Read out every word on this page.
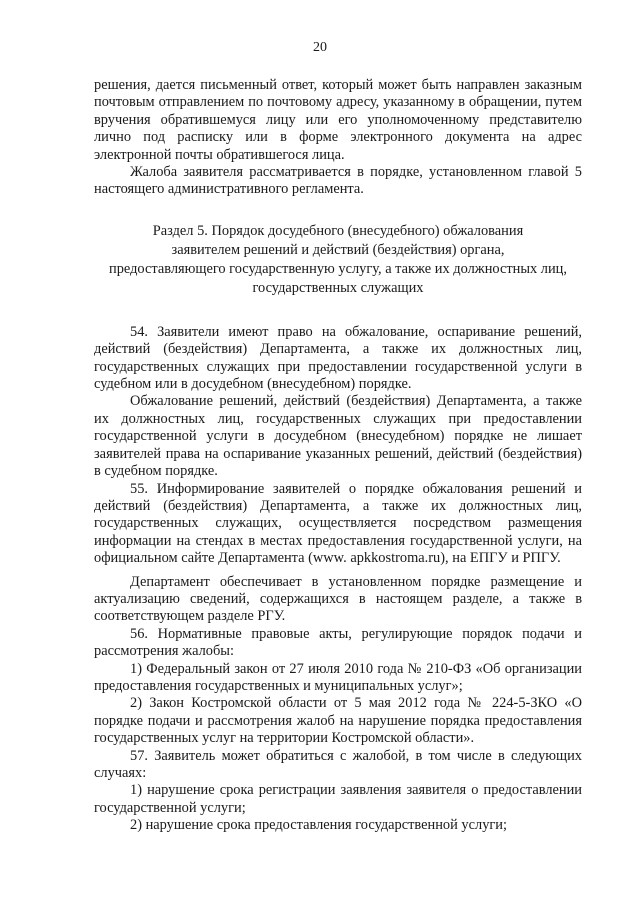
20

решения, дается письменный ответ, который может быть направлен заказным почтовым отправлением по почтовому адресу, указанному в обращении, путем вручения обратившемуся лицу или его уполномоченному представителю лично под расписку или в форме электронного документа на адрес электронной почты обратившегося лица.

Жалоба заявителя рассматривается в порядке, установленном главой 5 настоящего административного регламента.

Раздел 5. Порядок досудебного (внесудебного) обжалования
заявителем решений и действий (бездействия) органа,
предоставляющего государственную услугу, а также их должностных лиц,
государственных служащих

54. Заявители имеют право на обжалование, оспаривание решений, действий (бездействия) Департамента, а также их должностных лиц, государственных служащих при предоставлении государственной услуги в судебном или в досудебном (внесудебном) порядке.

Обжалование решений, действий (бездействия) Департамента, а также их должностных лиц, государственных служащих при предоставлении государственной услуги в досудебном (внесудебном) порядке не лишает заявителей права на оспаривание указанных решений, действий (бездействия) в судебном порядке.

55. Информирование заявителей о порядке обжалования решений и действий (бездействия) Департамента, а также их должностных лиц, государственных служащих, осуществляется посредством размещения информации на стендах в местах предоставления государственной услуги, на официальном сайте Департамента (www. apkkostroma.ru), на ЕПГУ и РПГУ.

Департамент обеспечивает в установленном порядке размещение и актуализацию сведений, содержащихся в настоящем разделе, а также в соответствующем разделе РГУ.

56. Нормативные правовые акты, регулирующие порядок подачи и рассмотрения жалобы:

1) Федеральный закон от 27 июля 2010 года № 210-ФЗ «Об организации предоставления государственных и муниципальных услуг»;

2) Закон Костромской области от 5 мая 2012 года № 224-5-ЗКО «О порядке подачи и рассмотрения жалоб на нарушение порядка предоставления государственных услуг на территории Костромской области».

57. Заявитель может обратиться с жалобой, в том числе в следующих случаях:

1) нарушение срока регистрации заявления заявителя о предоставлении государственной услуги;

2) нарушение срока предоставления государственной услуги;
